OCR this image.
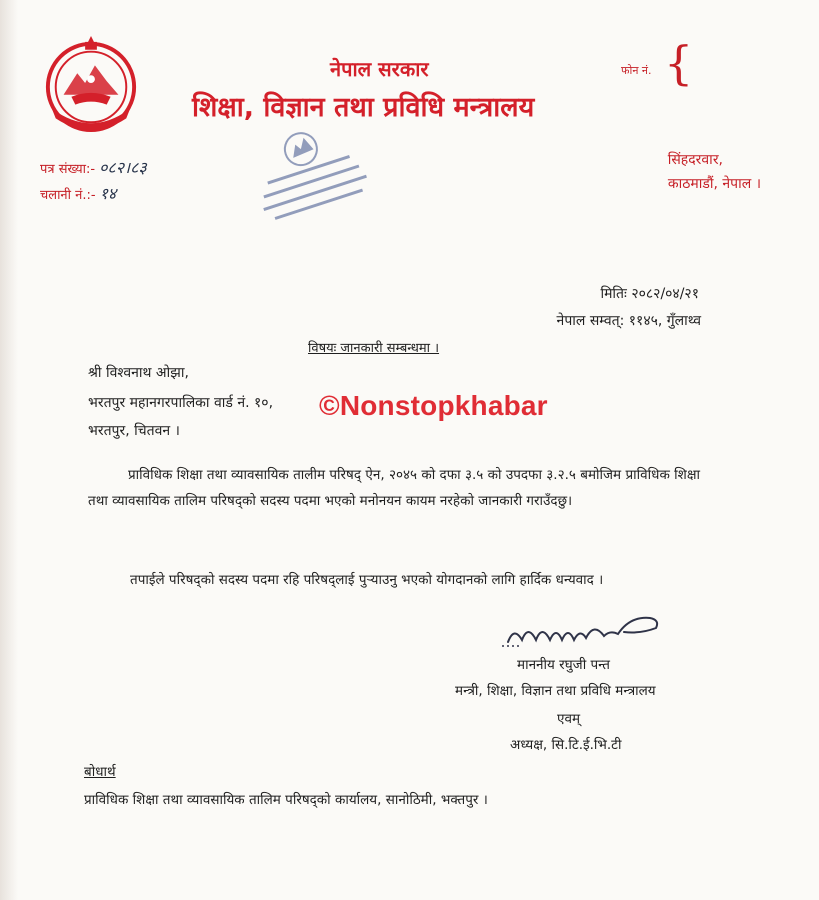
नेपाल सरकार

शिक्षा, विज्ञान तथा प्रविधि मन्त्रालय

फोन नं. {

पत्र संख्या:- ०८२।८३

चलानी नं.:- १४

सिंहदरवार,

काठमाडौं, नेपाल ।

मितिः २०८२/०४/२१

नेपाल सम्वत्: ११४५, गुँलाथ्व

विषयः जानकारी सम्बन्धमा ।

श्री विश्वनाथ ओझा,

भरतपुर महानगरपालिका वार्ड नं. १०,

भरतपुर, चितवन ।

©Nonstopkhabar

प्राविधिक शिक्षा तथा व्यावसायिक तालीम परिषद् ऐन, २०४५ को दफा ३.५ को उपदफा ३.२.५ बमोजिम प्राविधिक शिक्षा तथा व्यावसायिक तालिम परिषद्को सदस्य पदमा भएको मनोनयन कायम नरहेको जानकारी गराउँदछु।

तपाईले परिषद्को सदस्य पदमा रहि परिषद्लाई पुर्‍याउनु भएको योगदानको लागि हार्दिक धन्यवाद ।

माननीय रघुजी पन्त

मन्त्री, शिक्षा, विज्ञान तथा प्रविधि मन्त्रालय

एवम्

अध्यक्ष, सि.टि.ई.भि.टी

बोधार्थ

प्राविधिक शिक्षा तथा व्यावसायिक तालिम परिषद्को कार्यालय, सानोठिमी, भक्तपुर ।
